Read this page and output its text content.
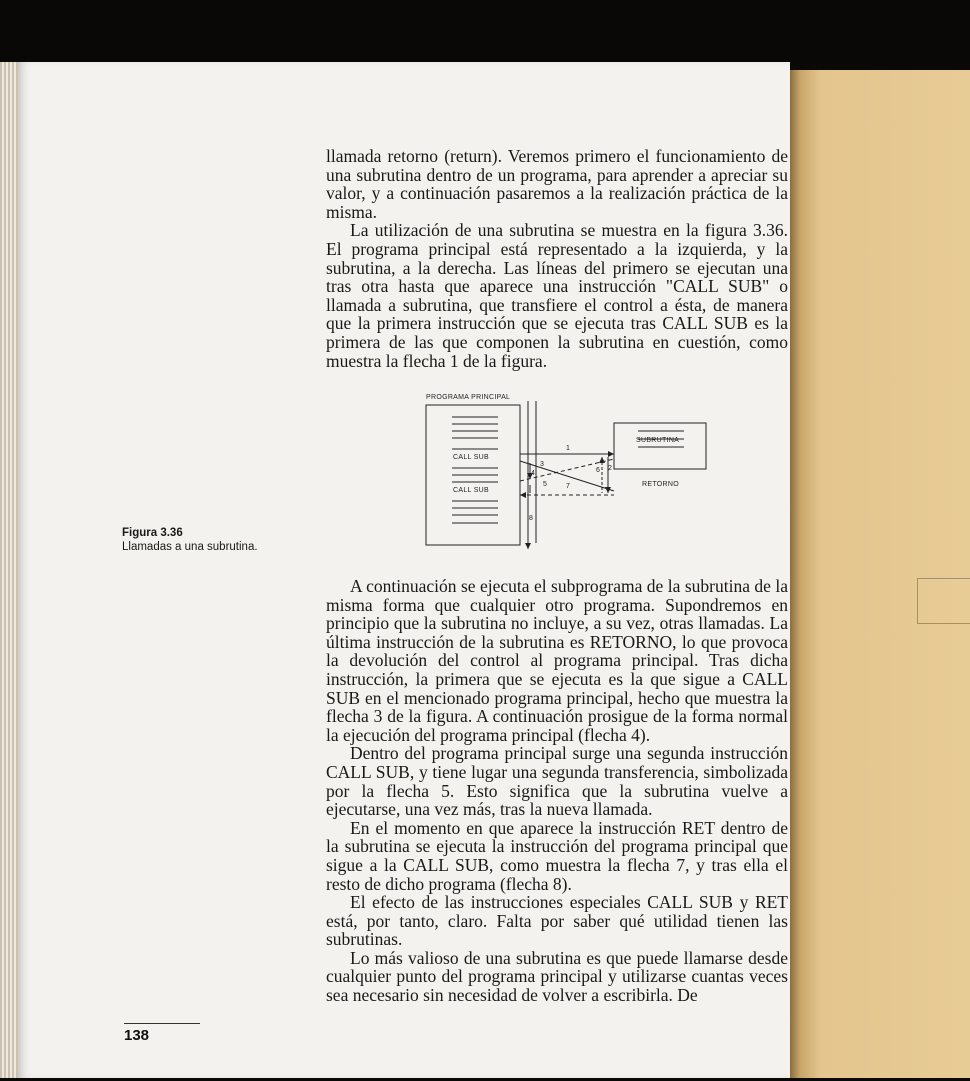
llamada retorno (return). Veremos primero el funcionamiento de una subrutina dentro de un programa, para aprender a apreciar su valor, y a continuación pasaremos a la realización práctica de la misma.

La utilización de una subrutina se muestra en la figura 3.36. El programa principal está representado a la izquierda, y la subrutina, a la derecha. Las líneas del primero se ejecutan una tras otra hasta que aparece una instrucción "CALL SUB" o llamada a subrutina, que transfiere el control a ésta, de manera que la primera instrucción que se ejecuta tras CALL SUB es la primera de las que componen la subrutina en cuestión, como muestra la flecha 1 de la figura.

PROGRAMA PRINCIPAL
SUBRUTINA
CALL SUB
CALL SUB
RETORNO
1
2
3
4
5
6
7
8
Figura 3.36
Llamadas a una subrutina.

A continuación se ejecuta el subprograma de la subrutina de la misma forma que cualquier otro programa. Supondremos en principio que la subrutina no incluye, a su vez, otras llamadas. La última instrucción de la subrutina es RETORNO, lo que provoca la devolución del control al programa principal. Tras dicha instrucción, la primera que se ejecuta es la que sigue a CALL SUB en el mencionado programa principal, hecho que muestra la flecha 3 de la figura. A continuación prosigue de la forma normal la ejecución del programa principal (flecha 4).

Dentro del programa principal surge una segunda instrucción CALL SUB, y tiene lugar una segunda transferencia, simbolizada por la flecha 5. Esto significa que la subrutina vuelve a ejecutarse, una vez más, tras la nueva llamada.

En el momento en que aparece la instrucción RET dentro de la subrutina se ejecuta la instrucción del programa principal que sigue a la CALL SUB, como muestra la flecha 7, y tras ella el resto de dicho programa (flecha 8).

El efecto de las instrucciones especiales CALL SUB y RET está, por tanto, claro. Falta por saber qué utilidad tienen las subrutinas.

Lo más valioso de una subrutina es que puede llamarse desde cualquier punto del programa principal y utilizarse cuantas veces sea necesario sin necesidad de volver a escribirla. De

138
